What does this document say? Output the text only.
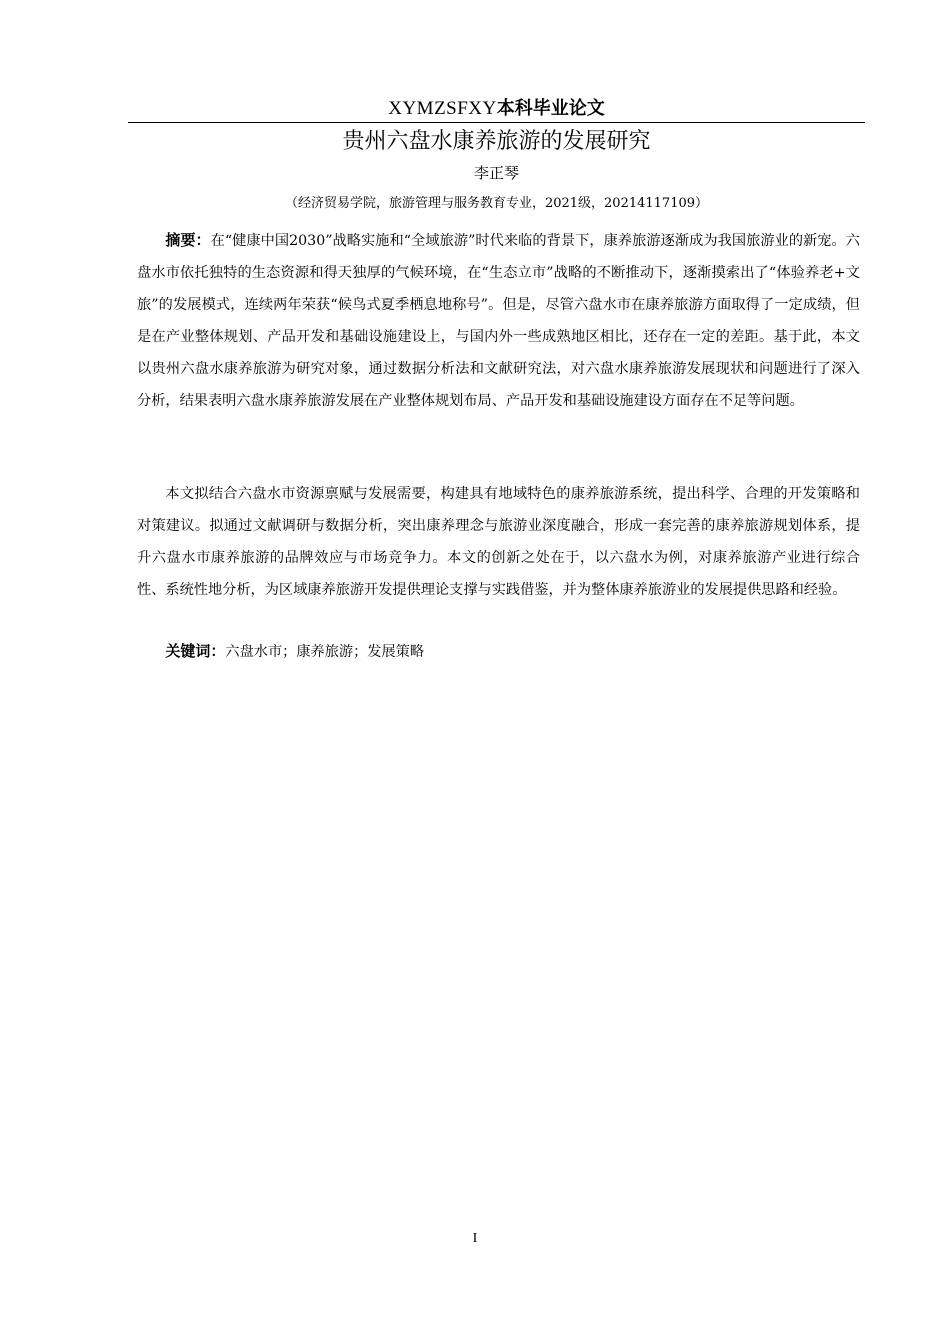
XYMZSFXY本科毕业论文
贵州六盘水康养旅游的发展研究
李正琴
（经济贸易学院，旅游管理与服务教育专业，2021级，20214117109）

摘要：在“健康中国2030”战略实施和“全域旅游”时代来临的背景下，康养旅游逐渐成为我国旅游业的新宠。六盘水市依托独特的生态资源和得天独厚的气候环境，在“生态立市”战略的不断推动下，逐渐摸索出了“体验养老+文旅”的发展模式，连续两年荣获“候鸟式夏季栖息地称号”。但是，尽管六盘水市在康养旅游方面取得了一定成绩，但是在产业整体规划、产品开发和基础设施建设上，与国内外一些成熟地区相比，还存在一定的差距。基于此，本文以贵州六盘水康养旅游为研究对象，通过数据分析法和文献研究法，对六盘水康养旅游发展现状和问题进行了深入分析，结果表明六盘水康养旅游发展在产业整体规划布局、产品开发和基础设施建设方面存在不足等问题。

本文拟结合六盘水市资源禀赋与发展需要，构建具有地域特色的康养旅游系统，提出科学、合理的开发策略和对策建议。拟通过文献调研与数据分析，突出康养理念与旅游业深度融合，形成一套完善的康养旅游规划体系，提升六盘水市康养旅游的品牌效应与市场竞争力。本文的创新之处在于，以六盘水为例，对康养旅游产业进行综合性、系统性地分析，为区域康养旅游开发提供理论支撑与实践借鉴，并为整体康养旅游业的发展提供思路和经验。

关键词：六盘水市；康养旅游；发展策略

I
